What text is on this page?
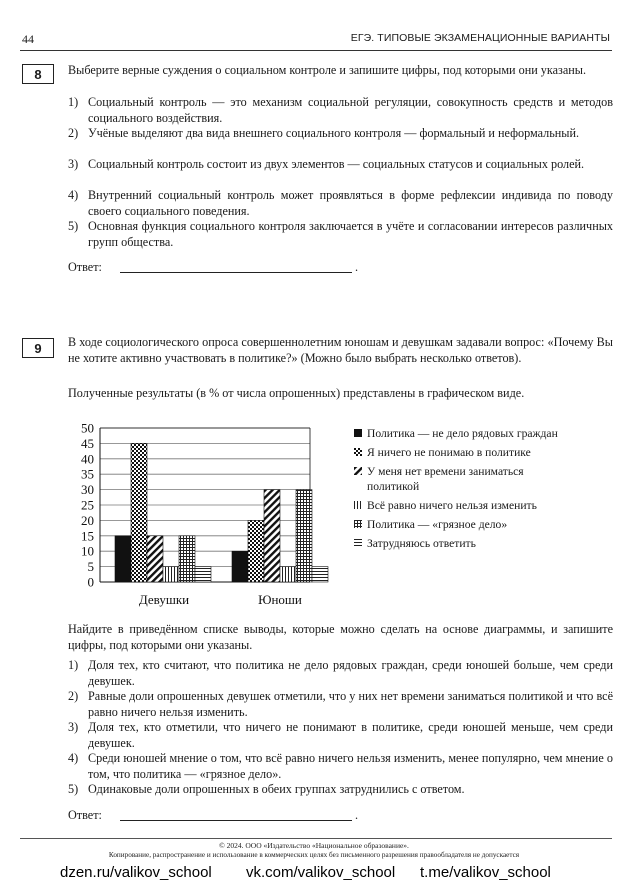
44	ЕГЭ. ТИПОВЫЕ ЭКЗАМЕНАЦИОННЫЕ ВАРИАНТЫ
8	Выберите верные суждения о социальном контроле и запишите цифры, под которыми они указаны.
1) Социальный контроль — это механизм социальной регуляции, совокупность средств и методов социального воздействия.
2) Учёные выделяют два вида внешнего социального контроля — формальный и неформальный.
3) Социальный контроль состоит из двух элементов — социальных статусов и социальных ролей.
4) Внутренний социальный контроль может проявляться в форме рефлексии индивида по поводу своего социального поведения.
5) Основная функция социального контроля заключается в учёте и согласовании интересов различных групп общества.
Ответ:	.
9	В ходе социологического опроса совершеннолетним юношам и девушкам задавали вопрос: «Почему Вы не хотите активно участвовать в политике?» (Можно было выбрать несколько ответов).
Полученные результаты (в % от числа опрошенных) представлены в графическом виде.
0
5
10
15
20
25
30
35
40
45
50
Девушки	Юноши
Политика — не дело рядовых граждан
Я ничего не понимаю в политике
У меня нет времени заниматься политикой
Всё равно ничего нельзя изменить
Политика — «грязное дело»
Затрудняюсь ответить
Найдите в приведённом списке выводы, которые можно сделать на основе диаграммы, и запишите цифры, под которыми они указаны.
1) Доля тех, кто считают, что политика не дело рядовых граждан, среди юношей больше, чем среди девушек.
2) Равные доли опрошенных девушек отметили, что у них нет времени заниматься политикой и что всё равно ничего нельзя изменить.
3) Доля тех, кто отметили, что ничего не понимают в политике, среди юношей меньше, чем среди девушек.
4) Среди юношей мнение о том, что всё равно ничего нельзя изменить, менее популярно, чем мнение о том, что политика — «грязное дело».
5) Одинаковые доли опрошенных в обеих группах затруднились с ответом.
Ответ:	.
© 2024. ООО «Издательство «Национальное образование».
Копирование, распространение и использование в коммерческих целях без письменного разрешения правообладателя не допускается
dzen.ru/valikov_school vk.com/valikov_school t.me/valikov_school
